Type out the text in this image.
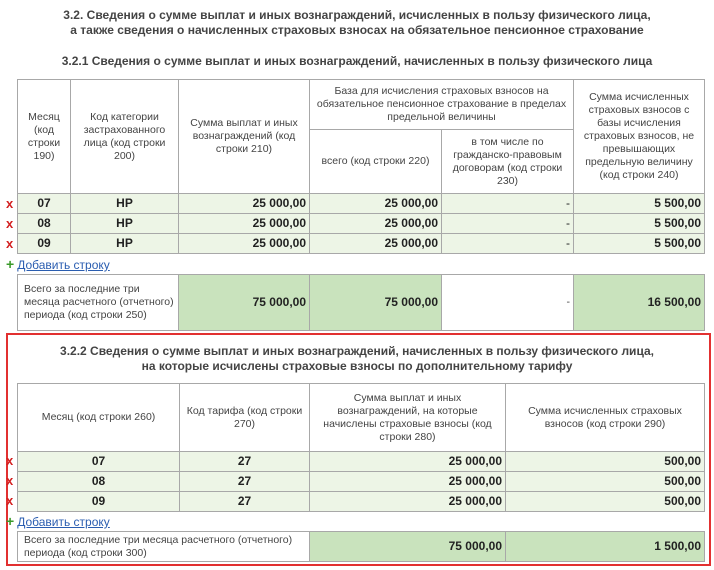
3.2. Сведения о сумме выплат и иных вознаграждений, исчисленных в пользу физического лица,
а также сведения о начисленных страховых взносах на обязательное пенсионное страхование
3.2.1 Сведения о сумме выплат и иных вознаграждений, начисленных в пользу физического лица
Месяц (код строки 190)	Код категории застрахованного лица (код строки 200)	Сумма выплат и иных вознаграждений (код строки 210)	База для исчисления страховых взносов на обязательное пенсионное страхование в пределах предельной величины		Сумма исчисленных страховых взносов с базы исчисления страховых взносов, не превышающих предельную величину (код строки 240)
			всего (код строки 220)	в том числе по гражданско-правовым договорам (код строки 230)	
07	НР	25 000,00	25 000,00	-	5 500,00
08	НР	25 000,00	25 000,00	-	5 500,00
09	НР	25 000,00	25 000,00	-	5 500,00
x
x
x
+ Добавить строку
Всего за последние три месяца расчетного (отчетного) периода (код строки 250)	75 000,00	75 000,00	-	16 500,00
3.2.2 Сведения о сумме выплат и иных вознаграждений, начисленных в пользу физического лица,
на которые исчислены страховые взносы по дополнительному тарифу
Месяц (код строки 260)	Код тарифа (код строки 270)	Сумма выплат и иных вознаграждений, на которые начислены страховые взносы (код строки 280)	Сумма исчисленных страховых взносов (код строки 290)
07	27	25 000,00	500,00
08	27	25 000,00	500,00
09	27	25 000,00	500,00
x
x
x
+ Добавить строку
Всего за последние три месяца расчетного (отчетного) периода (код строки 300)	75 000,00	1 500,00
